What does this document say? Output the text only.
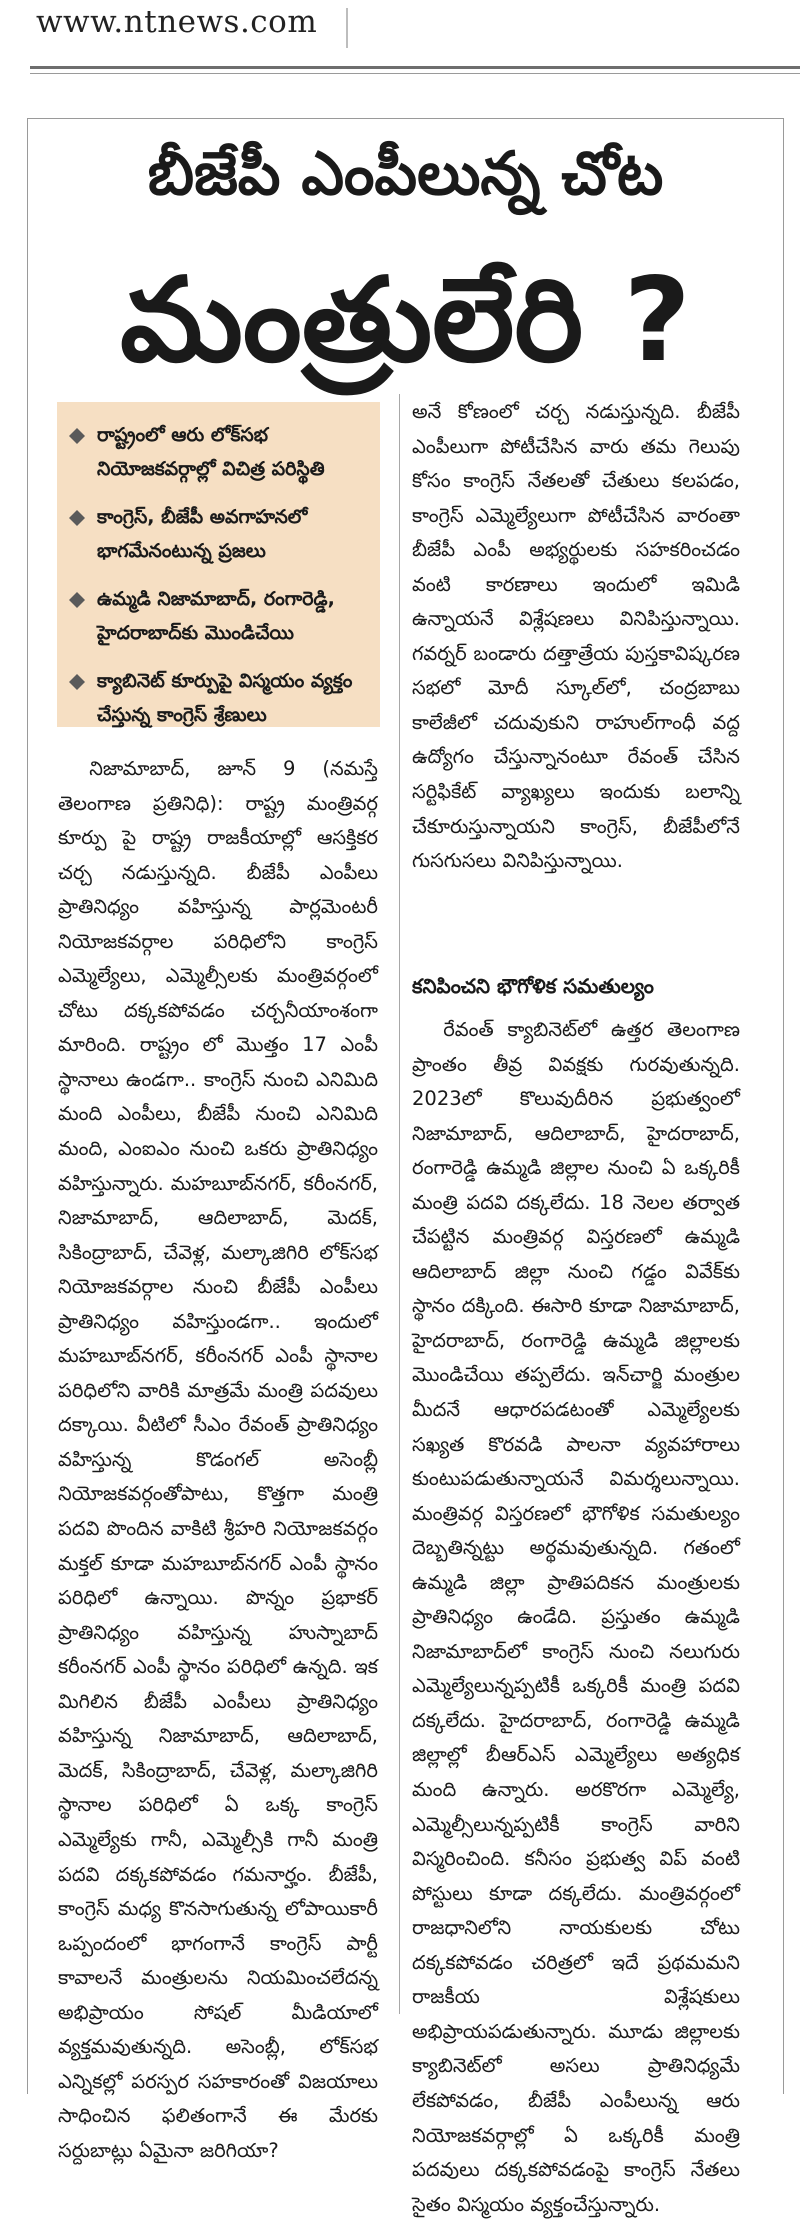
www.ntnews.com
బీజేపీ ఎంపీలున్న చోట
మంత్రులేరి ?
రాష్ట్రంలో ఆరు లోక్‌సభ నియోజకవర్గాల్లో విచిత్ర పరిస్థితి
కాంగ్రెస్, బీజేపీ అవగాహనలో భాగమేనంటున్న ప్రజలు
ఉమ్మడి నిజామాబాద్, రంగారెడ్డి, హైదరాబాద్‌కు మొండిచేయి
క్యాబినెట్ కూర్పుపై విస్మయం వ్యక్తం చేస్తున్న కాంగ్రెస్ శ్రేణులు

నిజామాబాద్, జూన్ 9 (నమస్తే తెలంగాణ ప్రతినిధి): రాష్ట్ర మంత్రివర్గ కూర్పు పై రాష్ట్ర రాజకీయాల్లో ఆసక్తికర చర్చ నడుస్తున్నది. బీజేపీ ఎంపీలు ప్రాతినిధ్యం వహిస్తున్న పార్లమెంటరీ నియోజకవర్గాల పరిధిలోని కాంగ్రెస్ ఎమ్మెల్యేలు, ఎమ్మెల్సీలకు మంత్రివర్గంలో చోటు దక్కకపోవడం చర్చనీయాంశంగా మారింది. రాష్ట్రం లో మొత్తం 17 ఎంపీ స్థానాలు ఉండగా.. కాంగ్రెస్ నుంచి ఎనిమిది మంది ఎంపీలు, బీజేపీ నుంచి ఎనిమిది మంది, ఎంఐఎం నుంచి ఒకరు ప్రాతినిధ్యం వహిస్తున్నారు. మహబూబ్‌నగర్, కరీంనగర్, నిజామాబాద్, ఆదిలాబాద్, మెదక్, సికింద్రాబాద్, చేవెళ్ల, మల్కాజిగిరి లోక్‌సభ నియోజకవర్గాల నుంచి బీజేపీ ఎంపీలు ప్రాతినిధ్యం వహిస్తుండగా.. ఇందులో మహబూబ్‌నగర్, కరీంనగర్ ఎంపీ స్థానాల పరిధిలోని వారికి మాత్రమే మంత్రి పదవులు దక్కాయి. వీటిలో సీఎం రేవంత్ ప్రాతినిధ్యం వహిస్తున్న కొడంగల్ అసెంబ్లీ నియోజకవర్గంతోపాటు, కొత్తగా మంత్రి పదవి పొందిన వాకిటి శ్రీహరి నియోజకవర్గం మక్తల్ కూడా మహబూబ్‌నగర్ ఎంపీ స్థానం పరిధిలో ఉన్నాయి. పొన్నం ప్రభాకర్ ప్రాతినిధ్యం వహిస్తున్న హుస్నాబాద్ కరీంనగర్ ఎంపీ స్థానం పరిధిలో ఉన్నది. ఇక మిగిలిన బీజేపీ ఎంపీలు ప్రాతినిధ్యం వహిస్తున్న నిజామాబాద్, ఆదిలాబాద్, మెదక్, సికింద్రాబాద్, చేవెళ్ల, మల్కాజిగిరి స్థానాల పరిధిలో ఏ ఒక్క కాంగ్రెస్ ఎమ్మెల్యేకు గానీ, ఎమ్మెల్సీకి గానీ మంత్రి పదవి దక్కకపోవడం గమనార్హం. బీజేపీ, కాంగ్రెస్ మధ్య కొనసాగుతున్న లోపాయికారీ ఒప్పందంలో భాగంగానే కాంగ్రెస్ పార్టీ కావాలనే మంత్రులను నియమించలేదన్న అభిప్రాయం సోషల్ మీడియాలో వ్యక్తమవుతున్నది. అసెంబ్లీ, లోక్‌సభ ఎన్నికల్లో పరస్పర సహకారంతో విజయాలు సాధించిన ఫలితంగానే ఈ మేరకు సర్దుబాట్లు ఏమైనా జరిగియా?

అనే కోణంలో చర్చ నడుస్తున్నది. బీజేపీ ఎంపీలుగా పోటీచేసిన వారు తమ గెలుపు కోసం కాంగ్రెస్ నేతలతో చేతులు కలపడం, కాంగ్రెస్ ఎమ్మెల్యేలుగా పోటీచేసిన వారంతా బీజేపీ ఎంపీ అభ్యర్థులకు సహకరించడం వంటి కారణాలు ఇందులో ఇమిడి ఉన్నాయనే విశ్లేషణలు వినిపిస్తున్నాయి. గవర్నర్ బండారు దత్తాత్రేయ పుస్తకావిష్కరణ సభలో మోదీ స్కూల్‌లో, చంద్రబాబు కాలేజీలో చదువుకుని రాహుల్‌గాంధీ వద్ద ఉద్యోగం చేస్తున్నానంటూ రేవంత్ చేసిన సర్టిఫికేట్ వ్యాఖ్యలు ఇందుకు బలాన్ని చేకూరుస్తున్నాయని కాంగ్రెస్, బీజేపీలోనే గుసగుసలు వినిపిస్తున్నాయి.

కనిపించని భౌగోళిక సమతుల్యం

రేవంత్ క్యాబినెట్‌లో ఉత్తర తెలంగాణ ప్రాంతం తీవ్ర వివక్షకు గురవుతున్నది. 2023లో కొలువుదీరిన ప్రభుత్వంలో నిజామాబాద్, ఆదిలాబాద్, హైదరాబాద్, రంగారెడ్డి ఉమ్మడి జిల్లాల నుంచి ఏ ఒక్కరికీ మంత్రి పదవి దక్కలేదు. 18 నెలల తర్వాత చేపట్టిన మంత్రివర్గ విస్తరణలో ఉమ్మడి ఆదిలాబాద్ జిల్లా నుంచి గడ్డం వివేక్‌కు స్థానం దక్కింది. ఈసారి కూడా నిజామాబాద్, హైదరాబాద్, రంగారెడ్డి ఉమ్మడి జిల్లాలకు మొండిచేయి తప్పలేదు. ఇన్‌చార్జి మంత్రుల మీదనే ఆధారపడటంతో ఎమ్మెల్యేలకు సఖ్యత కొరవడి పాలనా వ్యవహారాలు కుంటుపడుతున్నాయనే విమర్శలున్నాయి. మంత్రివర్గ విస్తరణలో భౌగోళిక సమతుల్యం దెబ్బతిన్నట్టు అర్థమవుతున్నది. గతంలో ఉమ్మడి జిల్లా ప్రాతిపదికన మంత్రులకు ప్రాతినిధ్యం ఉండేది. ప్రస్తుతం ఉమ్మడి నిజామాబాద్‌లో కాంగ్రెస్ నుంచి నలుగురు ఎమ్మెల్యేలున్నప్పటికీ ఒక్కరికీ మంత్రి పదవి దక్కలేదు. హైదరాబాద్, రంగారెడ్డి ఉమ్మడి జిల్లాల్లో బీఆర్‌ఎస్ ఎమ్మెల్యేలు అత్యధిక మంది ఉన్నారు. అరకొరగా ఎమ్మెల్యే, ఎమ్మెల్సీలున్నప్పటికీ కాంగ్రెస్ వారిని విస్మరించింది. కనీసం ప్రభుత్వ విప్ వంటి పోస్టులు కూడా దక్కలేదు. మంత్రివర్గంలో రాజధానిలోని నాయకులకు చోటు దక్కకపోవడం చరిత్రలో ఇదే ప్రథమమని రాజకీయ విశ్లేషకులు అభిప్రాయపడుతున్నారు. మూడు జిల్లాలకు క్యాబినెట్‌లో అసలు ప్రాతినిధ్యమే లేకపోవడం, బీజేపీ ఎంపీలున్న ఆరు నియోజకవర్గాల్లో ఏ ఒక్కరికీ మంత్రి పదవులు దక్కకపోవడంపై కాంగ్రెస్ నేతలు సైతం విస్మయం వ్యక్తంచేస్తున్నారు.
